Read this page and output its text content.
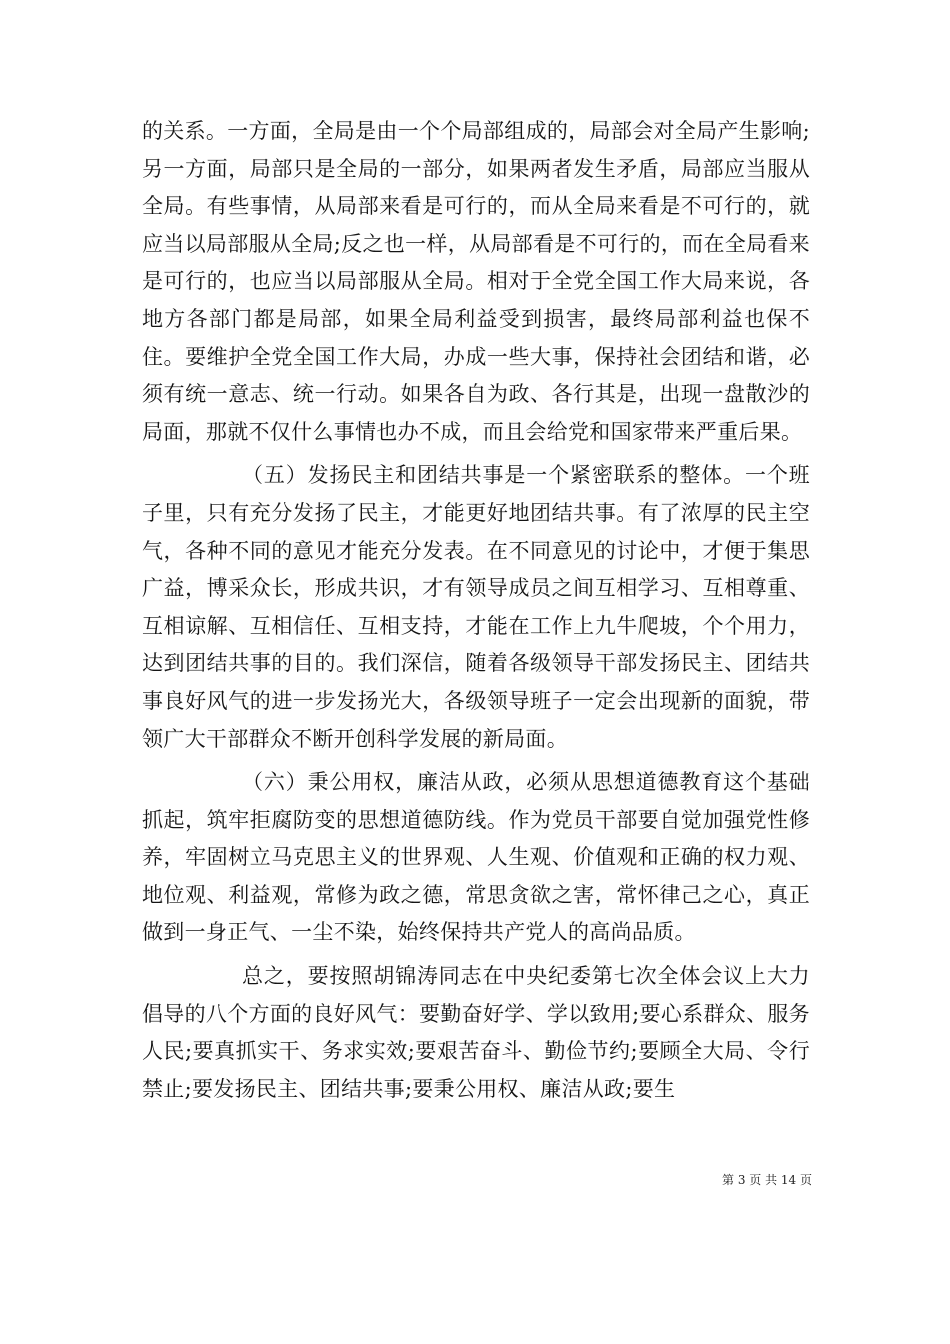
的关系。一方面，全局是由一个个局部组成的，局部会对全局产生影响;另一方面，局部只是全局的一部分，如果两者发生矛盾，局部应当服从全局。有些事情，从局部来看是可行的，而从全局来看是不可行的，就应当以局部服从全局;反之也一样，从局部看是不可行的，而在全局看来是可行的，也应当以局部服从全局。相对于全党全国工作大局来说，各地方各部门都是局部，如果全局利益受到损害，最终局部利益也保不住。要维护全党全国工作大局，办成一些大事，保持社会团结和谐，必须有统一意志、统一行动。如果各自为政、各行其是，出现一盘散沙的局面，那就不仅什么事情也办不成，而且会给党和国家带来严重后果。

（五）发扬民主和团结共事是一个紧密联系的整体。一个班子里，只有充分发扬了民主，才能更好地团结共事。有了浓厚的民主空气，各种不同的意见才能充分发表。在不同意见的讨论中，才便于集思广益，博采众长，形成共识，才有领导成员之间互相学习、互相尊重、互相谅解、互相信任、互相支持，才能在工作上九牛爬坡，个个用力，达到团结共事的目的。我们深信，随着各级领导干部发扬民主、团结共事良好风气的进一步发扬光大，各级领导班子一定会出现新的面貌，带领广大干部群众不断开创科学发展的新局面。

（六）秉公用权，廉洁从政，必须从思想道德教育这个基础抓起，筑牢拒腐防变的思想道德防线。作为党员干部要自觉加强党性修养，牢固树立马克思主义的世界观、人生观、价值观和正确的权力观、地位观、利益观，常修为政之德，常思贪欲之害，常怀律己之心，真正做到一身正气、一尘不染，始终保持共产党人的高尚品质。

总之，要按照胡锦涛同志在中央纪委第七次全体会议上大力倡导的八个方面的良好风气：要勤奋好学、学以致用;要心系群众、服务人民;要真抓实干、务求实效;要艰苦奋斗、勤俭节约;要顾全大局、令行禁止;要发扬民主、团结共事;要秉公用权、廉洁从政;要生

第 3 页 共 14 页
